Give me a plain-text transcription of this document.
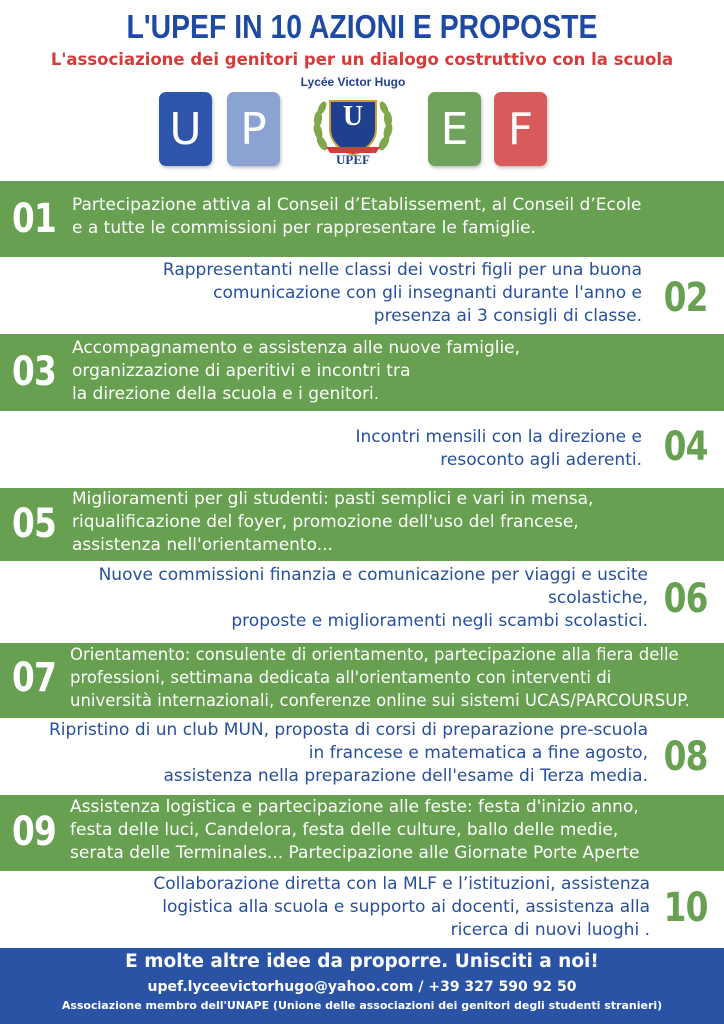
L'UPEF IN 10 AZIONI E PROPOSTE
L'associazione dei genitori per un dialogo costruttivo con la scuola
U P
Lycée Victor Hugo
U
UPEF
E F
01 Partecipazione attiva al Conseil d’Etablissement, al Conseil d’Ecole
e a tutte le commissioni per rappresentare le famiglie.
02
Rappresentanti nelle classi dei vostri figli per una buona
comunicazione con gli insegnanti durante l'anno e
presenza ai 3 consigli di classe.
03
Accompagnamento e assistenza alle nuove famiglie,
organizzazione di aperitivi e incontri tra
la direzione della scuola e i genitori.
04
Incontri mensili con la direzione e
resoconto agli aderenti.
05
Miglioramenti per gli studenti: pasti semplici e vari in mensa,
riqualificazione del foyer, promozione dell'uso del francese,
assistenza nell'orientamento...
06
Nuove commissioni finanzia e comunicazione per viaggi e uscite
scolastiche,
proposte e miglioramenti negli scambi scolastici.
07
Orientamento: consulente di orientamento, partecipazione alla fiera delle
professioni, settimana dedicata all'orientamento con interventi di
università internazionali, conferenze online sui sistemi UCAS/PARCOURSUP.
08
Ripristino di un club MUN, proposta di corsi di preparazione pre-scuola
in francese e matematica a fine agosto,
assistenza nella preparazione dell'esame di Terza media.
09
Assistenza logistica e partecipazione alle feste: festa d'inizio anno,
festa delle luci, Candelora, festa delle culture, ballo delle medie,
serata delle Terminales... Partecipazione alle Giornate Porte Aperte
10
Collaborazione diretta con la MLF e l’istituzioni, assistenza
logistica alla scuola e supporto ai docenti, assistenza alla
ricerca di nuovi luoghi .
E molte altre idee da proporre. Unisciti a noi!
upef.lyceevictorhugo@yahoo.com / +39 327 590 92 50
Associazione membro dell'UNAPE (Unione delle associazioni dei genitori degli studenti stranieri)
